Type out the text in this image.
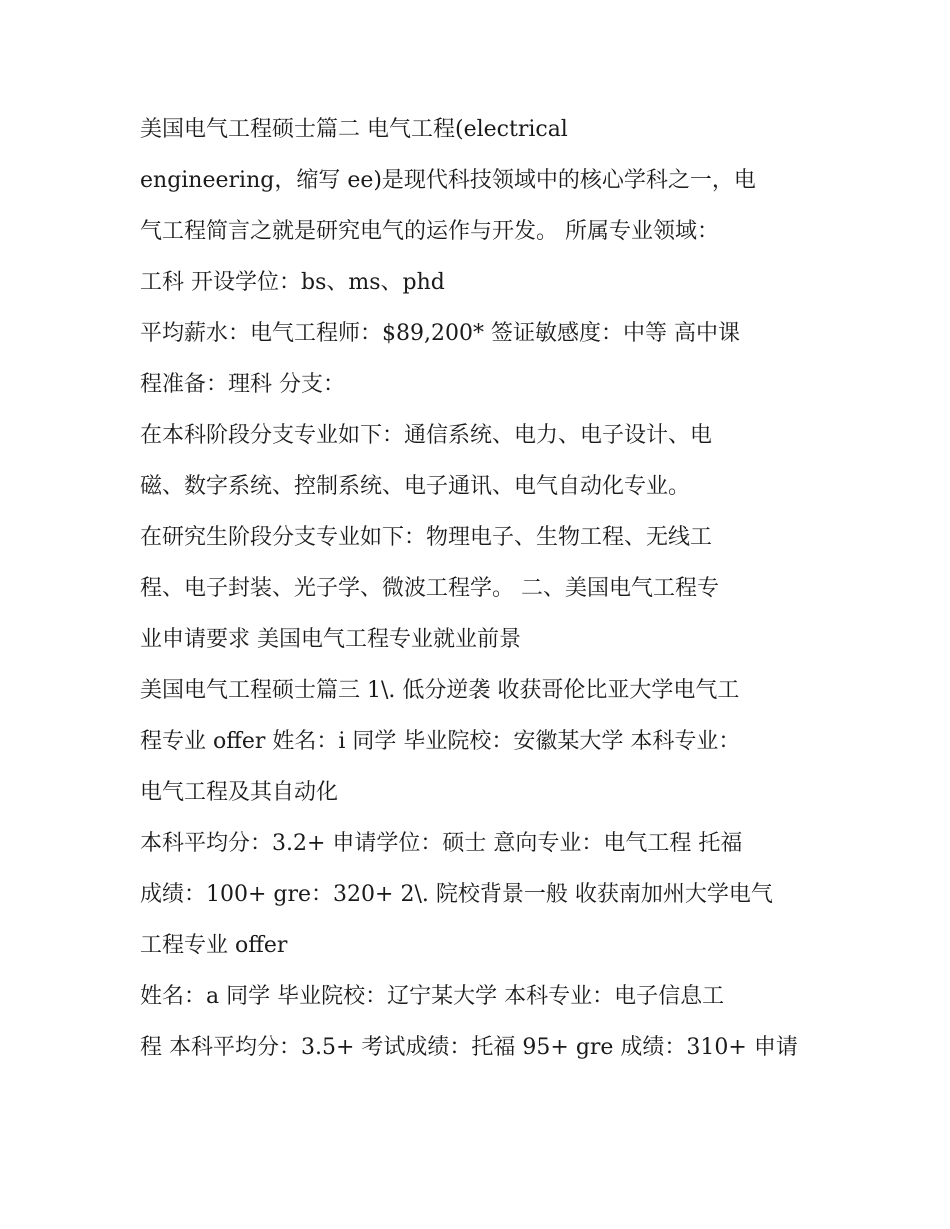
美国电气工程硕士篇二 电气工程(electrical
engineering，缩写 ee)是现代科技领域中的核心学科之一，电
气工程简言之就是研究电气的运作与开发。 所属专业领域：
工科 开设学位：bs、ms、phd
平均薪水：电气工程师：$89,200* 签证敏感度：中等 高中课
程准备：理科 分支：
在本科阶段分支专业如下：通信系统、电力、电子设计、电
磁、数字系统、控制系统、电子通讯、电气自动化专业。
在研究生阶段分支专业如下：物理电子、生物工程、无线工
程、电子封装、光子学、微波工程学。 二、美国电气工程专
业申请要求 美国电气工程专业就业前景
美国电气工程硕士篇三 1\. 低分逆袭 收获哥伦比亚大学电气工
程专业 offer 姓名：i 同学 毕业院校：安徽某大学 本科专业：
电气工程及其自动化
本科平均分：3.2+ 申请学位：硕士 意向专业：电气工程 托福
成绩：100+ gre：320+ 2\. 院校背景一般 收获南加州大学电气
工程专业 offer
姓名：a 同学 毕业院校：辽宁某大学 本科专业：电子信息工
程 本科平均分：3.5+ 考试成绩：托福 95+ gre 成绩：310+ 申请
